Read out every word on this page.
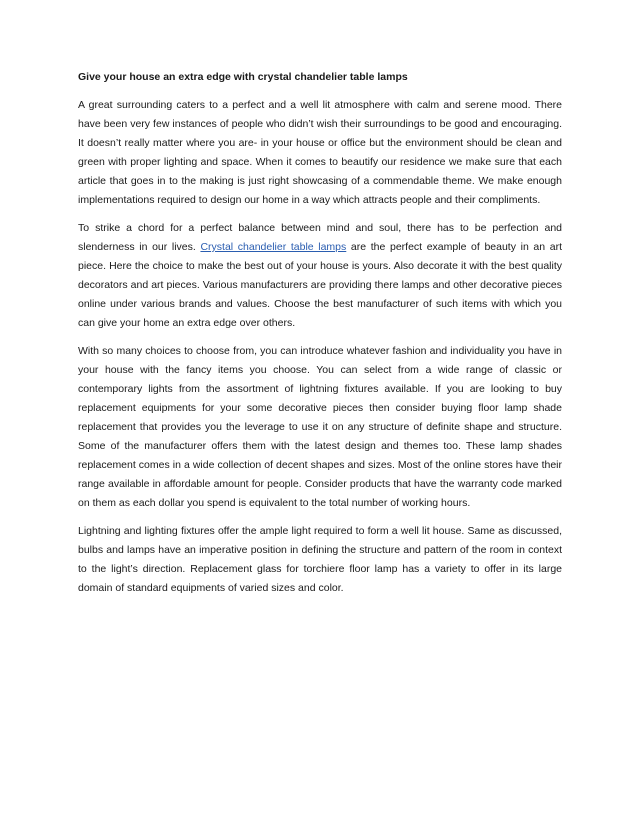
Give your house an extra edge with crystal chandelier table lamps

A great surrounding caters to a perfect and a well lit atmosphere with calm and serene mood. There have been very few instances of people who didn’t wish their surroundings to be good and encouraging. It doesn’t really matter where you are- in your house or office but the environment should be clean and green with proper lighting and space. When it comes to beautify our residence we make sure that each article that goes in to the making is just right showcasing of a commendable theme. We make enough implementations required to design our home in a way which attracts people and their compliments.

To strike a chord for a perfect balance between mind and soul, there has to be perfection and slenderness in our lives. Crystal chandelier table lamps are the perfect example of beauty in an art piece. Here the choice to make the best out of your house is yours. Also decorate it with the best quality decorators and art pieces. Various manufacturers are providing there lamps and other decorative pieces online under various brands and values. Choose the best manufacturer of such items with which you can give your home an extra edge over others.

With so many choices to choose from, you can introduce whatever fashion and individuality you have in your house with the fancy items you choose. You can select from a wide range of classic or contemporary lights from the assortment of lightning fixtures available. If you are looking to buy replacement equipments for your some decorative pieces then consider buying floor lamp shade replacement that provides you the leverage to use it on any structure of definite shape and structure. Some of the manufacturer offers them with the latest design and themes too. These lamp shades replacement comes in a wide collection of decent shapes and sizes. Most of the online stores have their range available in affordable amount for people. Consider products that have the warranty code marked on them as each dollar you spend is equivalent to the total number of working hours.

Lightning and lighting fixtures offer the ample light required to form a well lit house. Same as discussed, bulbs and lamps have an imperative position in defining the structure and pattern of the room in context to the light’s direction. Replacement glass for torchiere floor lamp has a variety to offer in its large domain of standard equipments of varied sizes and color.
